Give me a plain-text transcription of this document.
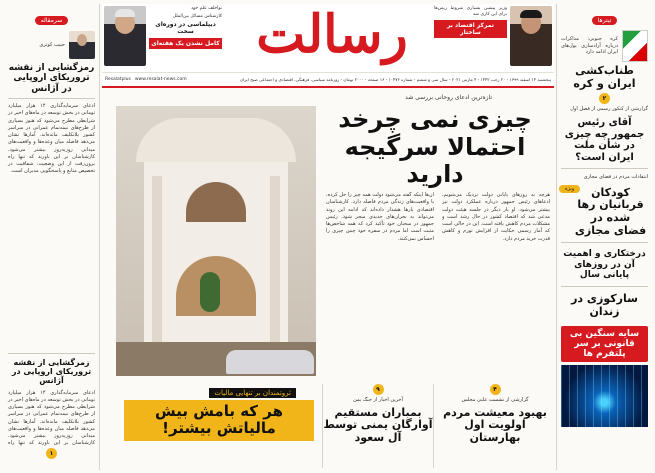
تیترها
کره جنوبی: مذاکرات درباره آزادسازی پول‌های ایران ادامه دارد
طناب‌کشی ایران و کره
۲
گزارشی از کنکور رسمی از فصل اول
آقای رئیس جمهور چه چیزی در شأن ملت ایران است؟
انتقادات مردم در فضای مجازی
ویژه	کودکان قربانیان رها شده در فضای مجازی
درختکاری و اهمیت آن در روزهای پایانی سال
سارکوزی در زندان
سایه سنگین بی قانونی بر سر پلتفرم ها
سرمقاله
حبیب کوثری
رمزگشایی از نقشه تروریکای اروپایی در آژانس
ادعای سرمایه‌گذاری ۱۴ هزار میلیارد تومانی در بخش توسعه در ماه‌های اخیر در شرایطی مطرح می‌شود که هنوز بسیاری از طرح‌های نیمه‌تمام عمرانی در سراسر کشور بلاتکلیف مانده‌اند. آمارها نشان می‌دهد فاصله میان وعده‌ها و واقعیت‌های میدانی روزبه‌روز بیشتر می‌شود. کارشناسان بر این باورند که تنها راه برون‌رفت از این وضعیت، شفافیت در تخصیص منابع و پاسخگویی مدیران است.
زمرگشایی از نقشه تروریکای اروپایی در آژانس
ادعای سرمایه‌گذاری ۱۴ هزار میلیارد تومانی در بخش توسعه در ماه‌های اخیر در شرایطی مطرح می‌شود که هنوز بسیاری از طرح‌های نیمه‌تمام عمرانی در سراسر کشور بلاتکلیف مانده‌اند. آمارها نشان می‌دهد فاصله میان وعده‌ها و واقعیت‌های میدانی روزبه‌روز بیشتر می‌شود. کارشناسان بر این باورند که تنها راه
۱
وزیر پیشین بسیاری شروط ریس‌ها برای این کاری شد
تمرکز اقتصاد بر ساختار
رسالت
نواخلف علم خود
کارشناس مسائل بین‌الملل
دیپلماسی در دوره‌ای سخت
کامل نشدن یک هفته‌ای
پنجشنبه ۱۴ اسفند ۱۳۹۹ - ۲۰ رجب ۱۴۴۲ - ۴ مارس ۲۰۲۱ - سال سی و ششم - شماره ۱۰۴۷۶ - ۱۶ صفحه - ۲۰۰۰ تومان - روزنامه سیاسی، فرهنگی، اقتصادی و اجتماعی صبح ایران
www.resalat-news.com
Resalatplus
تازه‌ترین ادعای روحانی بررسی شد
چیزی نمی چرخد احتمالا سرگیجه دارید
هرچه به روزهای پایانی دولت نزدیک می‌شویم، ادعاهای رئیس جمهور درباره عملکرد دولت نیز بیشتر می‌شود. او بار دیگر در جلسه هیئت دولت مدعی شد که اقتصاد کشور در حال رشد است و مشکلات مردم کاهش یافته است. این در حالی است که آمار رسمی حکایت از افزایش تورم و کاهش قدرت خرید مردم دارد.
آن‌ها اینکه گفته می‌شود دولت همه چیز را حل کرده، با واقعیت‌های زندگی مردم فاصله دارد. کارشناسان اقتصادی بارها هشدار داده‌اند که ادامه این روند می‌تواند به بحران‌های جدیدی منجر شود. رئیس جمهور در سخنان خود تأکید کرد که همه شاخص‌ها مثبت است اما مردم در سفره خود چنین چیزی را احساس نمی‌کنند.
ثروتمندان بر تنهایی مالیات
هر که بامش بیش مالیاتش بیشتر!
۴
گزارشی از نشست علنی مجلس
بهبود معیشت مردم اولویت اول بهارستان
۹
آخرین اخبار از جنگ یمن
بمباران مستقیم آوارگان یمنی توسط آل سعود
